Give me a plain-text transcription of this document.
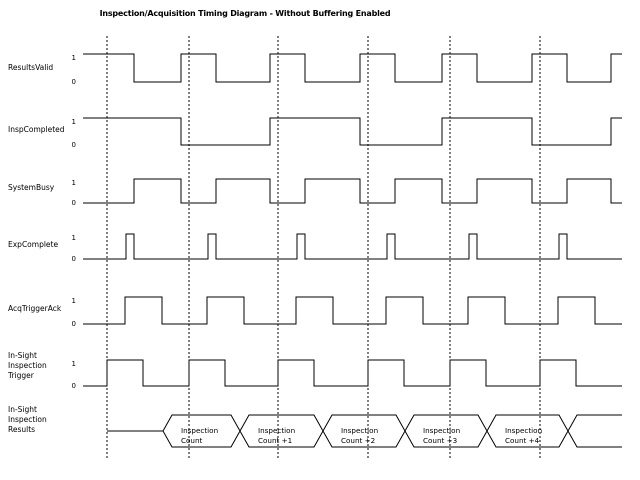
Inspection/Acquisition Timing Diagram - Without Buffering Enabled
ResultsValid
1
0
InspCompleted
1
0
SystemBusy 1
0
ExpComplete
1
0
AcqTriggerAck
1
0
In-Sight
Inspection
Trigger
1
0
In-Sight
Inspection
Results	Inspection
Count
Inspection
Count +1
Inspection
Count +2
Inspection
Count +3
Inspection
Count +4
